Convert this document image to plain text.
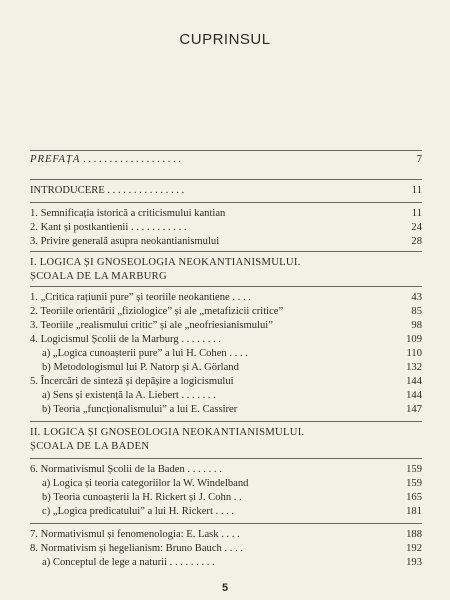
CUPRINSUL
PREFAȚA . . . . . . . . . . . . . . . . . . .	7
INTRODUCERE . . . . . . . . . . . . . . .	11
1. Semnificația istorică a criticismului kantian	11
2. Kant și postkantienii . . . . . . . . . . .	24
3. Privire generală asupra neokantianismului	28
I. LOGICA ȘI GNOSEOLOGIA NEOKANTIANISMULUI.
ȘCOALA DE LA MARBURG
1. „Critica rațiunii pure” și teoriile neokantiene . . . .	43
2. Teoriile orientării „fiziologice” și ale „metafizicii critice”	85
3. Teoriile „realismului critic” și ale „neofriesianismului”	98
4. Logicismul Școlii de la Marburg . . . . . . . .	109
a) „Logica cunoașterii pure” a lui H. Cohen . . . .	110
b) Metodologismul lui P. Natorp și A. Görland	132
5. Încercări de sinteză și depășire a logicismului	144
a) Sens și existență la A. Liebert . . . . . . .	144
b) Teoria „funcționalismului” a lui E. Cassirer	147
II. LOGICA ȘI GNOSEOLOGIA NEOKANTIANISMULUI.
ȘCOALA DE LA BADEN
6. Normativismul Școlii de la Baden . . . . . . .	159
a) Logica și teoria categoriilor la W. Windelband	159
b) Teoria cunoașterii la H. Rickert și J. Cohn . .	165
c) „Logica predicatului” a lui H. Rickert . . . .	181
7. Normativismul și fenomenologia: E. Lask . . . .	188
8. Normativism și hegelianism: Bruno Bauch . . . .	192
a) Conceptul de lege a naturii . . . . . . . . .	193
5
